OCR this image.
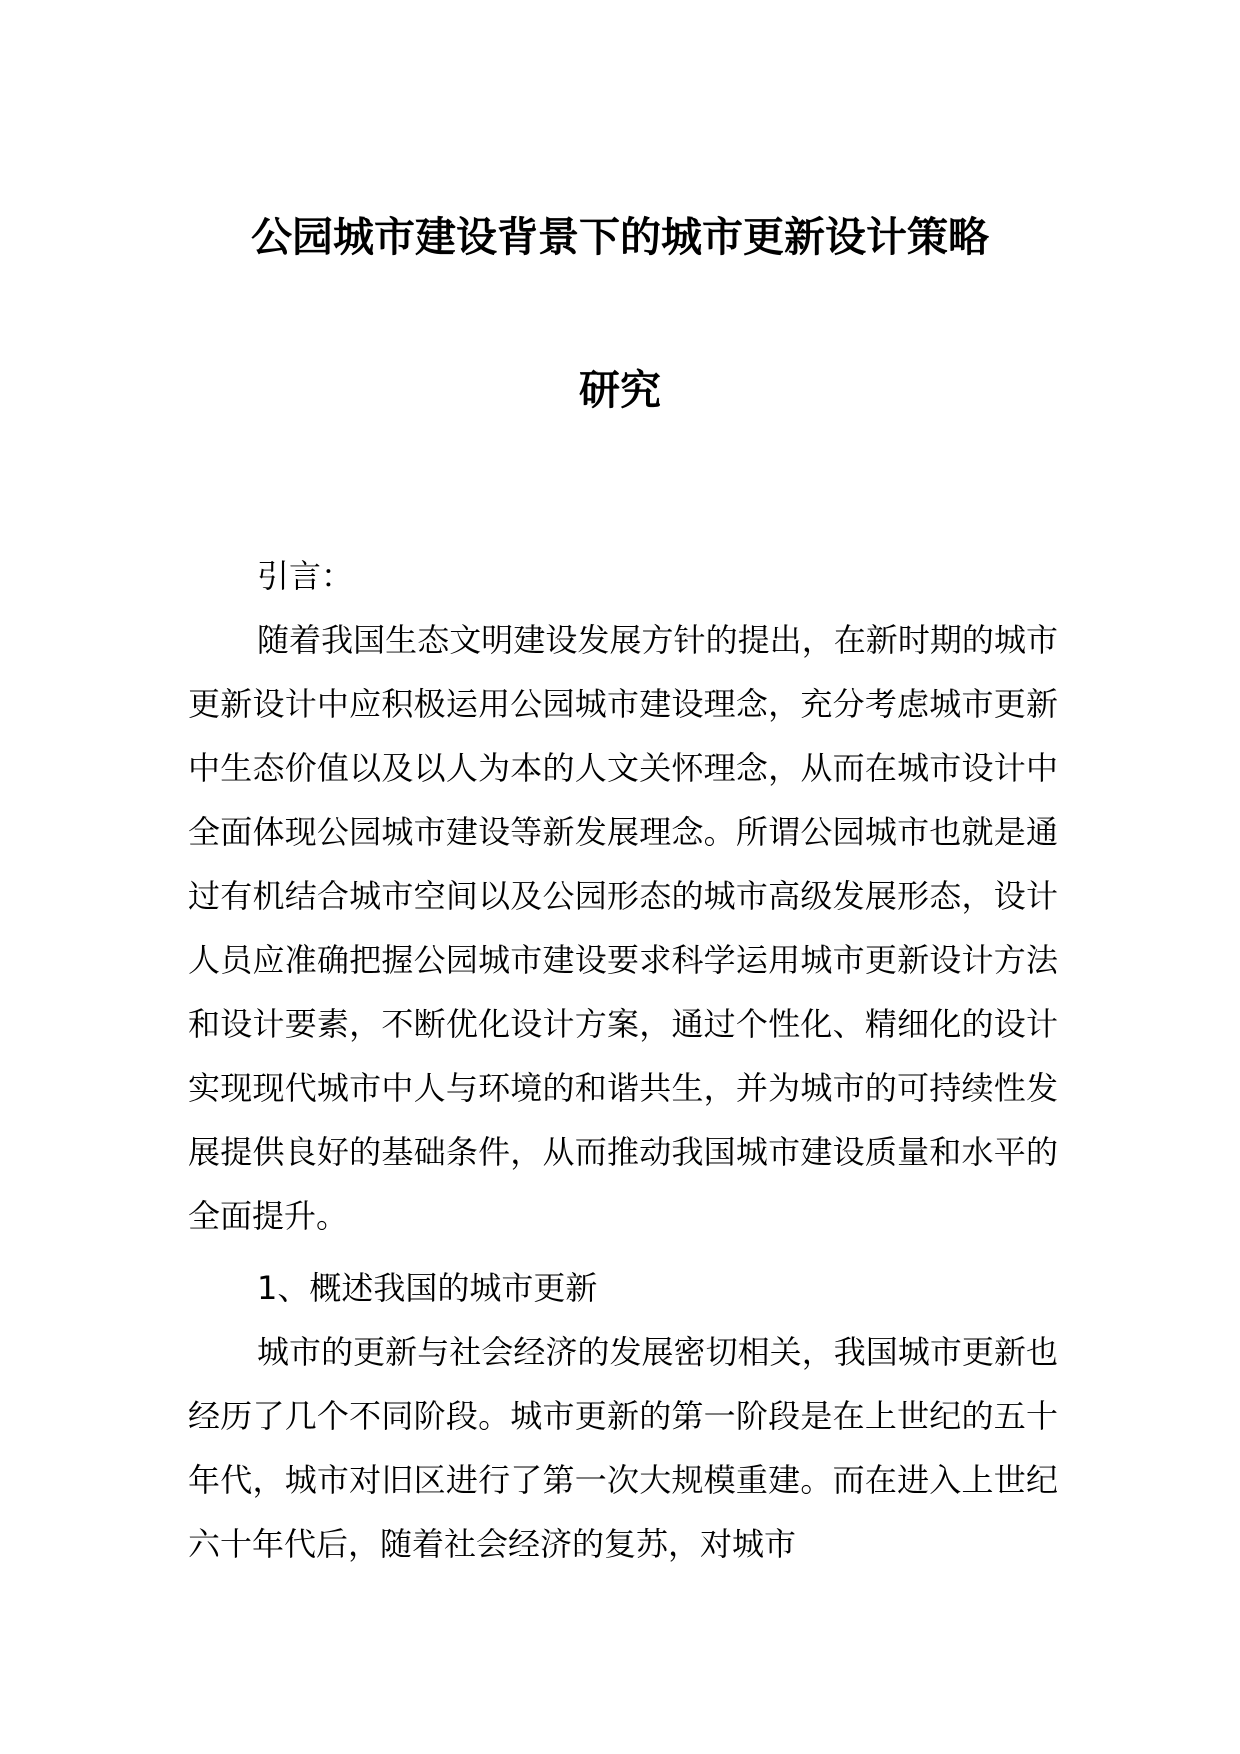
公园城市建设背景下的城市更新设计策略
研究
引言：
随着我国生态文明建设发展方针的提出，在新时期的城市更新设计中应积极运用公园城市建设理念，充分考虑城市更新中生态价值以及以人为本的人文关怀理念，从而在城市设计中全面体现公园城市建设等新发展理念。所谓公园城市也就是通过有机结合城市空间以及公园形态的城市高级发展形态，设计人员应准确把握公园城市建设要求科学运用城市更新设计方法和设计要素，不断优化设计方案，通过个性化、精细化的设计实现现代城市中人与环境的和谐共生，并为城市的可持续性发展提供良好的基础条件，从而推动我国城市建设质量和水平的全面提升。
1、概述我国的城市更新
城市的更新与社会经济的发展密切相关，我国城市更新也经历了几个不同阶段。城市更新的第一阶段是在上世纪的五十年代，城市对旧区进行了第一次大规模重建。而在进入上世纪六十年代后，随着社会经济的复苏，对城市
